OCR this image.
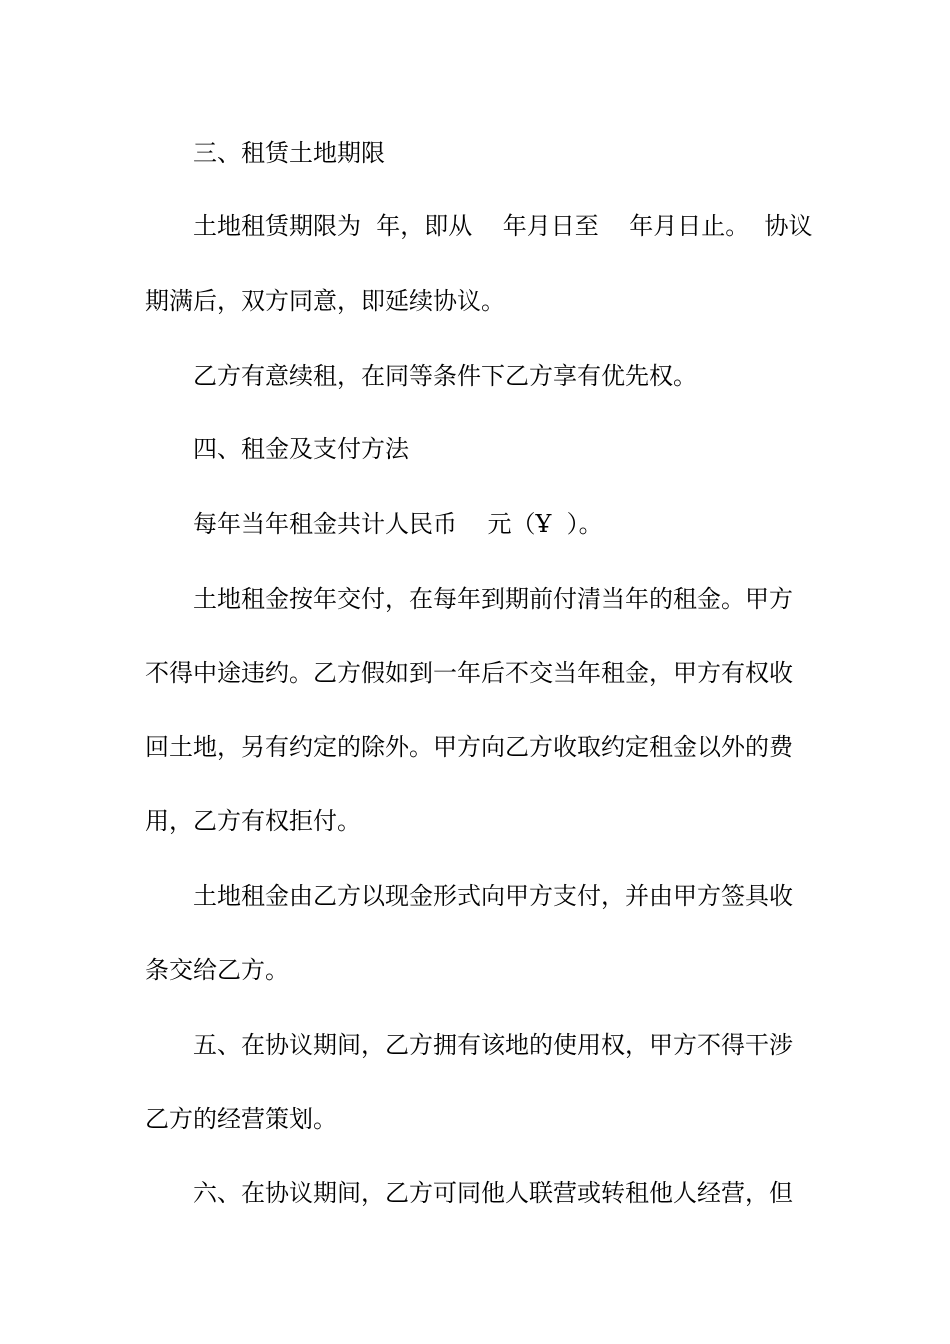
三、租赁土地期限
土地租赁期限为  年，即从    年月日至    年月日止。  协议
期满后，双方同意，即延续协议。
乙方有意续租，在同等条件下乙方享有优先权。
四、租金及支付方法
每年当年租金共计人民币    元（Ұ  ）。
土地租金按年交付，在每年到期前付清当年的租金。甲方
不得中途违约。乙方假如到一年后不交当年租金，甲方有权收
回土地，另有约定的除外。甲方向乙方收取约定租金以外的费
用，乙方有权拒付。
土地租金由乙方以现金形式向甲方支付，并由甲方签具收
条交给乙方。
五、在协议期间，乙方拥有该地的使用权，甲方不得干涉
乙方的经营策划。
六、在协议期间，乙方可同他人联营或转租他人经营，但
